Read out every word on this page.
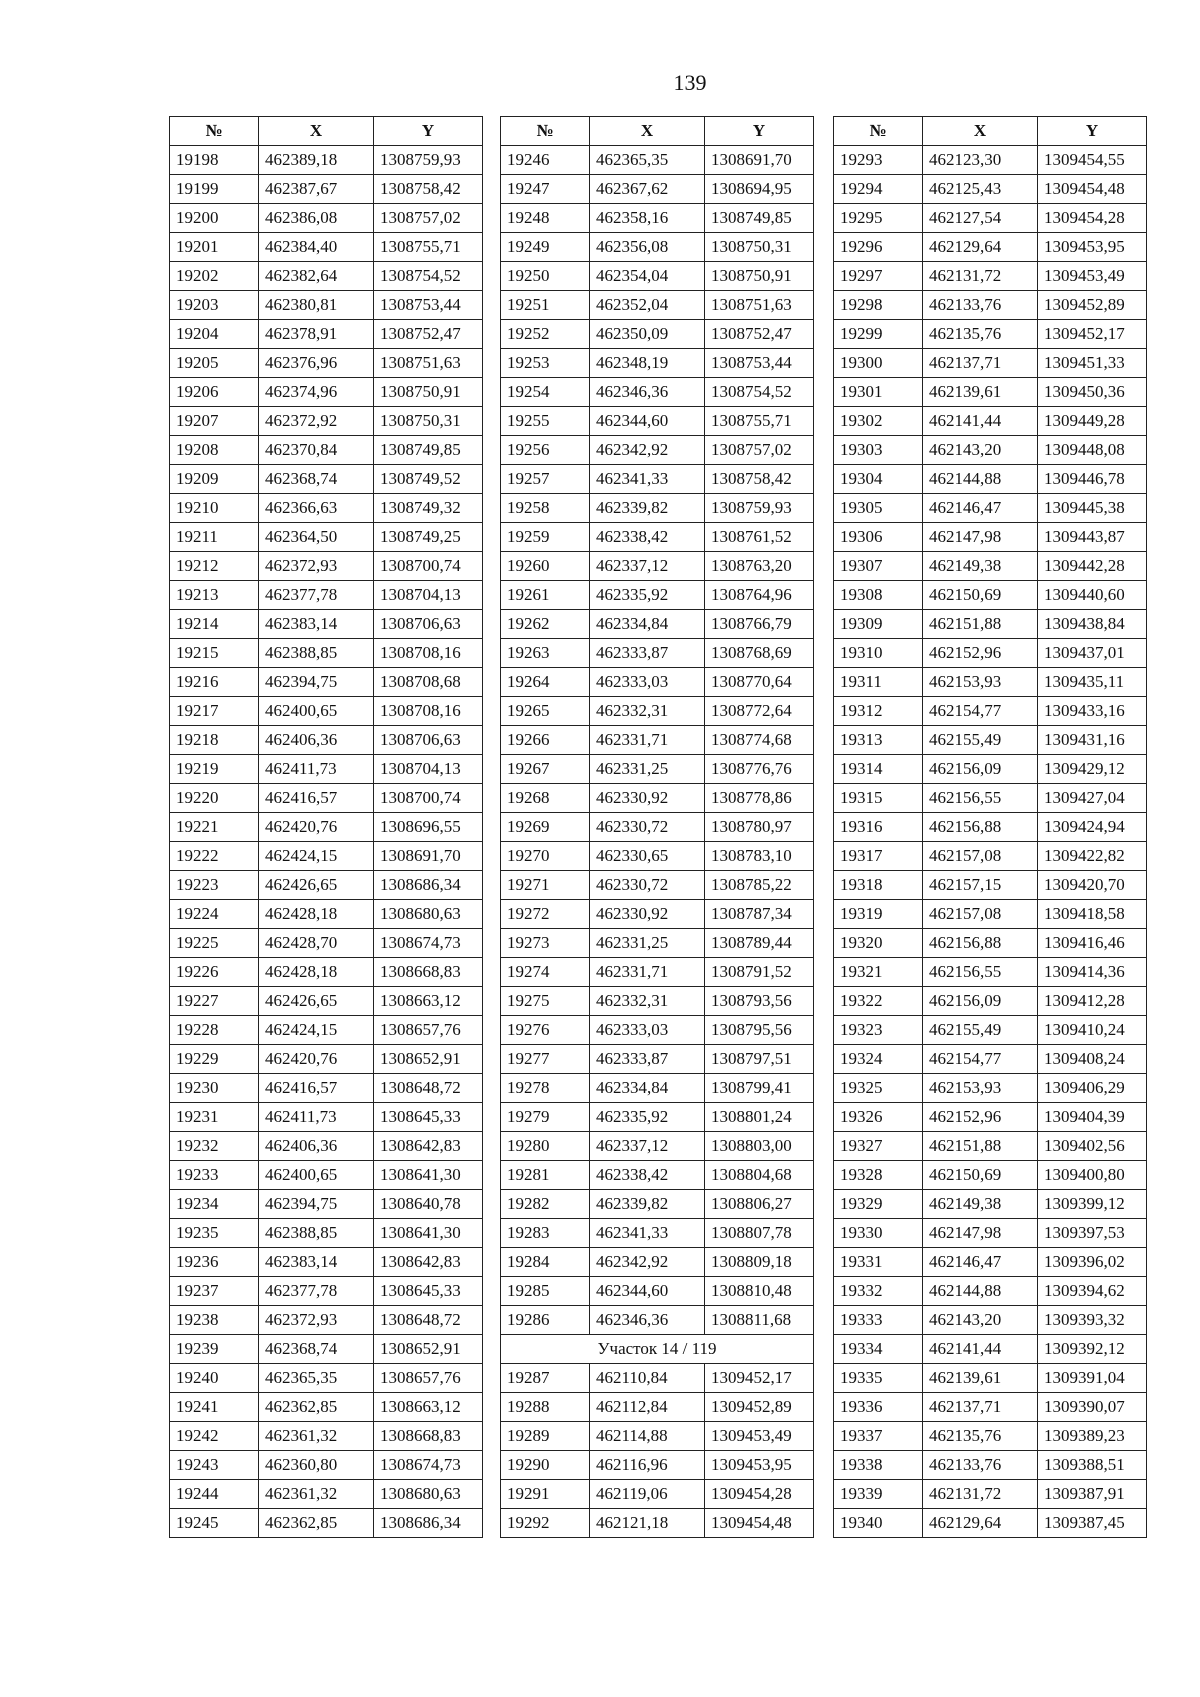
139
№	X	Y
19198	462389,18	1308759,93
19199	462387,67	1308758,42
19200	462386,08	1308757,02
19201	462384,40	1308755,71
19202	462382,64	1308754,52
19203	462380,81	1308753,44
19204	462378,91	1308752,47
19205	462376,96	1308751,63
19206	462374,96	1308750,91
19207	462372,92	1308750,31
19208	462370,84	1308749,85
19209	462368,74	1308749,52
19210	462366,63	1308749,32
19211	462364,50	1308749,25
19212	462372,93	1308700,74
19213	462377,78	1308704,13
19214	462383,14	1308706,63
19215	462388,85	1308708,16
19216	462394,75	1308708,68
19217	462400,65	1308708,16
19218	462406,36	1308706,63
19219	462411,73	1308704,13
19220	462416,57	1308700,74
19221	462420,76	1308696,55
19222	462424,15	1308691,70
19223	462426,65	1308686,34
19224	462428,18	1308680,63
19225	462428,70	1308674,73
19226	462428,18	1308668,83
19227	462426,65	1308663,12
19228	462424,15	1308657,76
19229	462420,76	1308652,91
19230	462416,57	1308648,72
19231	462411,73	1308645,33
19232	462406,36	1308642,83
19233	462400,65	1308641,30
19234	462394,75	1308640,78
19235	462388,85	1308641,30
19236	462383,14	1308642,83
19237	462377,78	1308645,33
19238	462372,93	1308648,72
19239	462368,74	1308652,91
19240	462365,35	1308657,76
19241	462362,85	1308663,12
19242	462361,32	1308668,83
19243	462360,80	1308674,73
19244	462361,32	1308680,63
19245	462362,85	1308686,34
№	X	Y
19246	462365,35	1308691,70
19247	462367,62	1308694,95
19248	462358,16	1308749,85
19249	462356,08	1308750,31
19250	462354,04	1308750,91
19251	462352,04	1308751,63
19252	462350,09	1308752,47
19253	462348,19	1308753,44
19254	462346,36	1308754,52
19255	462344,60	1308755,71
19256	462342,92	1308757,02
19257	462341,33	1308758,42
19258	462339,82	1308759,93
19259	462338,42	1308761,52
19260	462337,12	1308763,20
19261	462335,92	1308764,96
19262	462334,84	1308766,79
19263	462333,87	1308768,69
19264	462333,03	1308770,64
19265	462332,31	1308772,64
19266	462331,71	1308774,68
19267	462331,25	1308776,76
19268	462330,92	1308778,86
19269	462330,72	1308780,97
19270	462330,65	1308783,10
19271	462330,72	1308785,22
19272	462330,92	1308787,34
19273	462331,25	1308789,44
19274	462331,71	1308791,52
19275	462332,31	1308793,56
19276	462333,03	1308795,56
19277	462333,87	1308797,51
19278	462334,84	1308799,41
19279	462335,92	1308801,24
19280	462337,12	1308803,00
19281	462338,42	1308804,68
19282	462339,82	1308806,27
19283	462341,33	1308807,78
19284	462342,92	1308809,18
19285	462344,60	1308810,48
19286	462346,36	1308811,68
Участок 14 / 119		
19287	462110,84	1309452,17
19288	462112,84	1309452,89
19289	462114,88	1309453,49
19290	462116,96	1309453,95
19291	462119,06	1309454,28
19292	462121,18	1309454,48
№	X	Y
19293	462123,30	1309454,55
19294	462125,43	1309454,48
19295	462127,54	1309454,28
19296	462129,64	1309453,95
19297	462131,72	1309453,49
19298	462133,76	1309452,89
19299	462135,76	1309452,17
19300	462137,71	1309451,33
19301	462139,61	1309450,36
19302	462141,44	1309449,28
19303	462143,20	1309448,08
19304	462144,88	1309446,78
19305	462146,47	1309445,38
19306	462147,98	1309443,87
19307	462149,38	1309442,28
19308	462150,69	1309440,60
19309	462151,88	1309438,84
19310	462152,96	1309437,01
19311	462153,93	1309435,11
19312	462154,77	1309433,16
19313	462155,49	1309431,16
19314	462156,09	1309429,12
19315	462156,55	1309427,04
19316	462156,88	1309424,94
19317	462157,08	1309422,82
19318	462157,15	1309420,70
19319	462157,08	1309418,58
19320	462156,88	1309416,46
19321	462156,55	1309414,36
19322	462156,09	1309412,28
19323	462155,49	1309410,24
19324	462154,77	1309408,24
19325	462153,93	1309406,29
19326	462152,96	1309404,39
19327	462151,88	1309402,56
19328	462150,69	1309400,80
19329	462149,38	1309399,12
19330	462147,98	1309397,53
19331	462146,47	1309396,02
19332	462144,88	1309394,62
19333	462143,20	1309393,32
19334	462141,44	1309392,12
19335	462139,61	1309391,04
19336	462137,71	1309390,07
19337	462135,76	1309389,23
19338	462133,76	1309388,51
19339	462131,72	1309387,91
19340	462129,64	1309387,45
